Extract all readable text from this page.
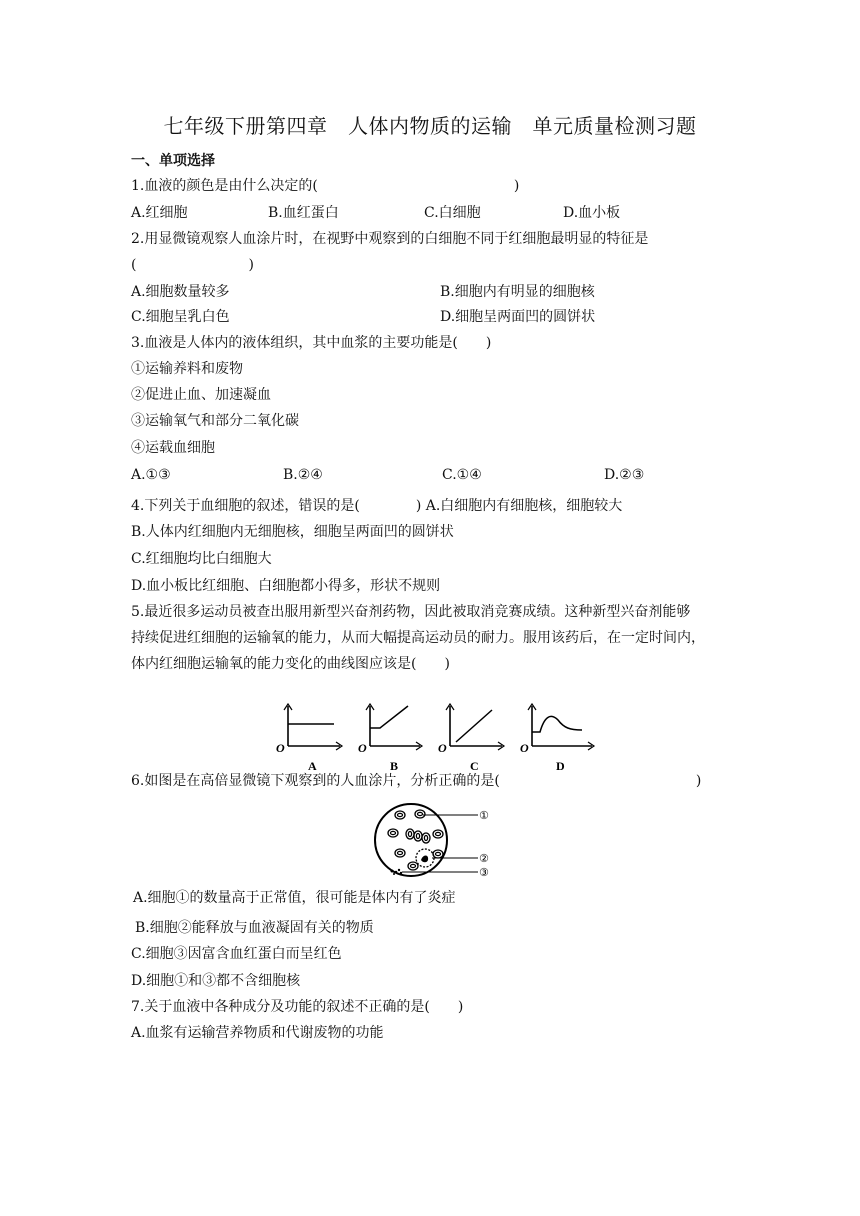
七年级下册第四章　人体内物质的运输　单元质量检测习题
一、单项选择
1.血液的颜色是由什么决定的(　　　　　　　　　　　　　　)
A.红细胞	B.血红蛋白	C.白细胞	D.血小板
2.用显微镜观察人血涂片时，在视野中观察到的白细胞不同于红细胞最明显的特征是
(　　　　　　　　)
A.细胞数量较多	B.细胞内有明显的细胞核
C.细胞呈乳白色	D.细胞呈两面凹的圆饼状
3.血液是人体内的液体组织，其中血浆的主要功能是(　　)
①运输养料和废物
②促进止血、加速凝血
③运输氧气和部分二氧化碳
④运载血细胞
A.①③	B.②④	C.①④	D.②③
4.下列关于血细胞的叙述，错误的是(　　　　) A.白细胞内有细胞核，细胞较大
B.人体内红细胞内无细胞核，细胞呈两面凹的圆饼状
C.红细胞均比白细胞大
D.血小板比红细胞、白细胞都小得多，形状不规则
5.最近很多运动员被查出服用新型兴奋剂药物，因此被取消竞赛成绩。这种新型兴奋剂能够
持续促进红细胞的运输氧的能力，从而大幅提高运动员的耐力。服用该药后，在一定时间内，
体内红细胞运输氧的能力变化的曲线图应该是(　　)
O
A
O
B
O
C
O
D
6.如图是在高倍显微镜下观察到的人血涂片，分析正确的是(　　　　　　　　　　　　　　)
①
②
③
A.细胞①的数量高于正常值，很可能是体内有了炎症
B.细胞②能释放与血液凝固有关的物质
C.细胞③因富含血红蛋白而呈红色
D.细胞①和③都不含细胞核
7.关于血液中各种成分及功能的叙述不正确的是(　　)
A.血浆有运输营养物质和代谢废物的功能
